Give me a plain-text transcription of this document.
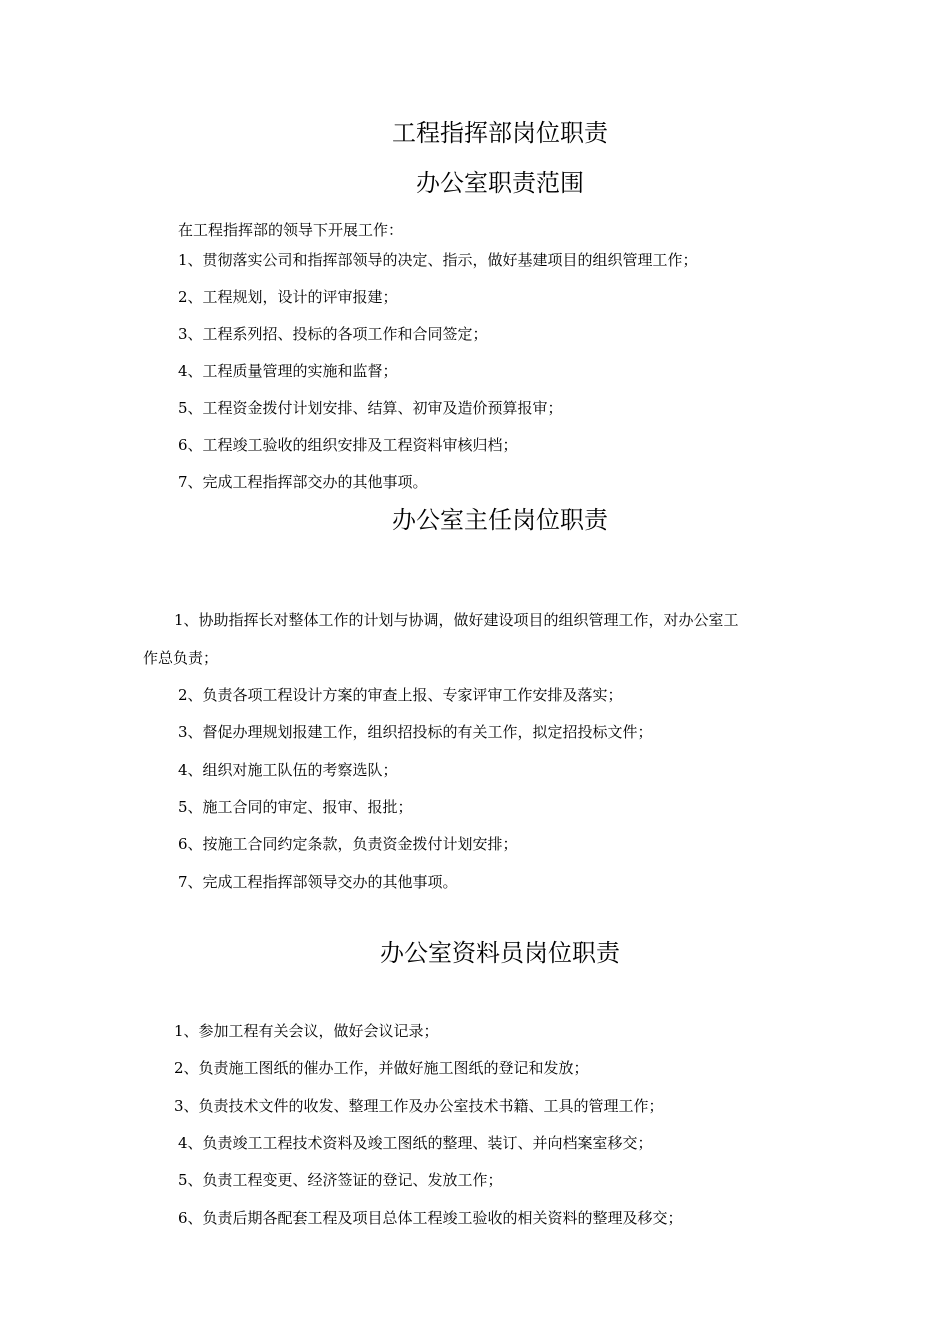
工程指挥部岗位职责
办公室职责范围
在工程指挥部的领导下开展工作：
1、贯彻落实公司和指挥部领导的决定、指示，做好基建项目的组织管理工作；
2、工程规划，设计的评审报建；
3、工程系列招、投标的各项工作和合同签定；
4、工程质量管理的实施和监督；
5、工程资金拨付计划安排、结算、初审及造价预算报审；
6、工程竣工验收的组织安排及工程资料审核归档；
7、完成工程指挥部交办的其他事项。
办公室主任岗位职责
1、协助指挥长对整体工作的计划与协调，做好建设项目的组织管理工作，对办公室工
作总负责；
2、负责各项工程设计方案的审查上报、专家评审工作安排及落实；
3、督促办理规划报建工作，组织招投标的有关工作，拟定招投标文件；
4、组织对施工队伍的考察选队；
5、施工合同的审定、报审、报批；
6、按施工合同约定条款，负责资金拨付计划安排；
7、完成工程指挥部领导交办的其他事项。
办公室资料员岗位职责
1、参加工程有关会议，做好会议记录；
2、负责施工图纸的催办工作，并做好施工图纸的登记和发放；
3、负责技术文件的收发、整理工作及办公室技术书籍、工具的管理工作；
4、负责竣工工程技术资料及竣工图纸的整理、装订、并向档案室移交；
5、负责工程变更、经济签证的登记、发放工作；
6、负责后期各配套工程及项目总体工程竣工验收的相关资料的整理及移交；
